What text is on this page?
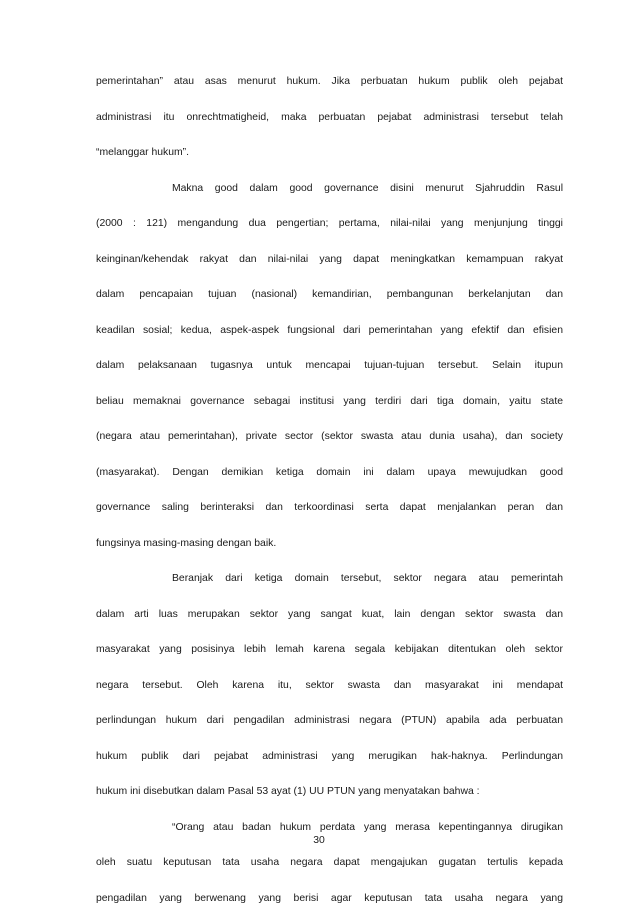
pemerintahan” atau asas menurut hukum. Jika perbuatan hukum publik oleh pejabat
administrasi itu onrechtmatigheid, maka perbuatan pejabat administrasi tersebut telah
“melanggar hukum”.
Makna good dalam good governance disini menurut Sjahruddin Rasul
(2000 : 121) mengandung dua pengertian; pertama, nilai-nilai yang menjunjung tinggi
keinginan/kehendak rakyat dan nilai-nilai yang dapat meningkatkan kemampuan rakyat
dalam pencapaian tujuan (nasional) kemandirian, pembangunan berkelanjutan dan
keadilan sosial; kedua, aspek-aspek fungsional dari pemerintahan yang efektif dan efisien
dalam pelaksanaan tugasnya untuk mencapai tujuan-tujuan tersebut. Selain itupun
beliau memaknai governance sebagai institusi yang terdiri dari tiga domain, yaitu state
(negara atau pemerintahan), private sector (sektor swasta atau dunia usaha), dan society
(masyarakat). Dengan demikian ketiga domain ini dalam upaya mewujudkan good
governance saling berinteraksi dan terkoordinasi serta dapat menjalankan peran dan
fungsinya masing-masing dengan baik.
Beranjak dari ketiga domain tersebut, sektor negara atau pemerintah
dalam arti luas merupakan sektor yang sangat kuat, lain dengan sektor swasta dan
masyarakat yang posisinya lebih lemah karena segala kebijakan ditentukan oleh sektor
negara tersebut. Oleh karena itu, sektor swasta dan masyarakat ini mendapat
perlindungan hukum dari pengadilan administrasi negara (PTUN) apabila ada perbuatan
hukum publik dari pejabat administrasi yang merugikan hak-haknya. Perlindungan
hukum ini disebutkan dalam Pasal 53 ayat (1) UU PTUN yang menyatakan bahwa :
“Orang atau badan hukum perdata yang merasa kepentingannya dirugikan
oleh suatu keputusan tata usaha negara dapat mengajukan gugatan tertulis kepada
pengadilan yang berwenang yang berisi agar keputusan tata usaha negara yang
30
